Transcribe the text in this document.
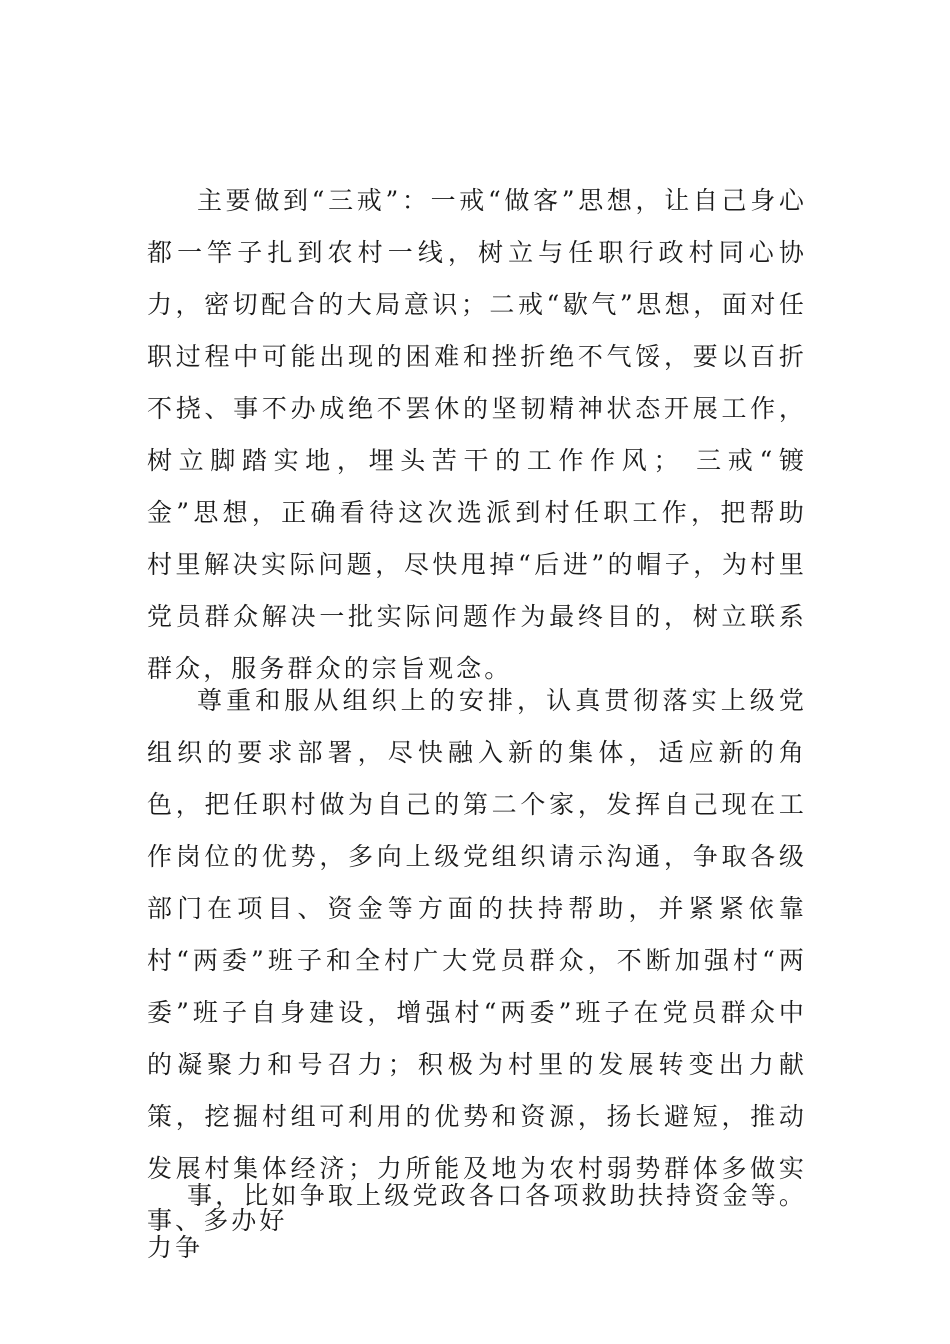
主要做到“三戒”：一戒“做客”思想，让自己身心都一竿子扎到农村一线，树立与任职行政村同心协力，密切配合的大局意识；二戒“歇气”思想，面对任职过程中可能出现的困难和挫折绝不气馁，要以百折不挠、事不办成绝不罢休的坚韧精神状态开展工作，树立脚踏实地，埋头苦干的工作作风； 三戒“镀金”思想，正确看待这次选派到村任职工作，把帮助村里解决实际问题，尽快甩掉“后进”的帽子，为村里党员群众解决一批实际问题作为最终目的，树立联系群众，服务群众的宗旨观念。

尊重和服从组织上的安排，认真贯彻落实上级党组织的要求部署，尽快融入新的集体，适应新的角色，把任职村做为自己的第二个家，发挥自己现在工作岗位的优势，多向上级党组织请示沟通，争取各级部门在项目、资金等方面的扶持帮助，并紧紧依靠村“两委”班子和全村广大党员群众，不断加强村“两委”班子自身建设，增强村“两委”班子在党员群众中的凝聚力和号召力；积极为村里的发展转变出力献策，挖掘村组可利用的优势和资源，扬长避短，推动发展村集体经济；力所能及地为农村弱势群体多做实事、多办好

事，比如争取上级党政各口各项救助扶持资金等。力争
